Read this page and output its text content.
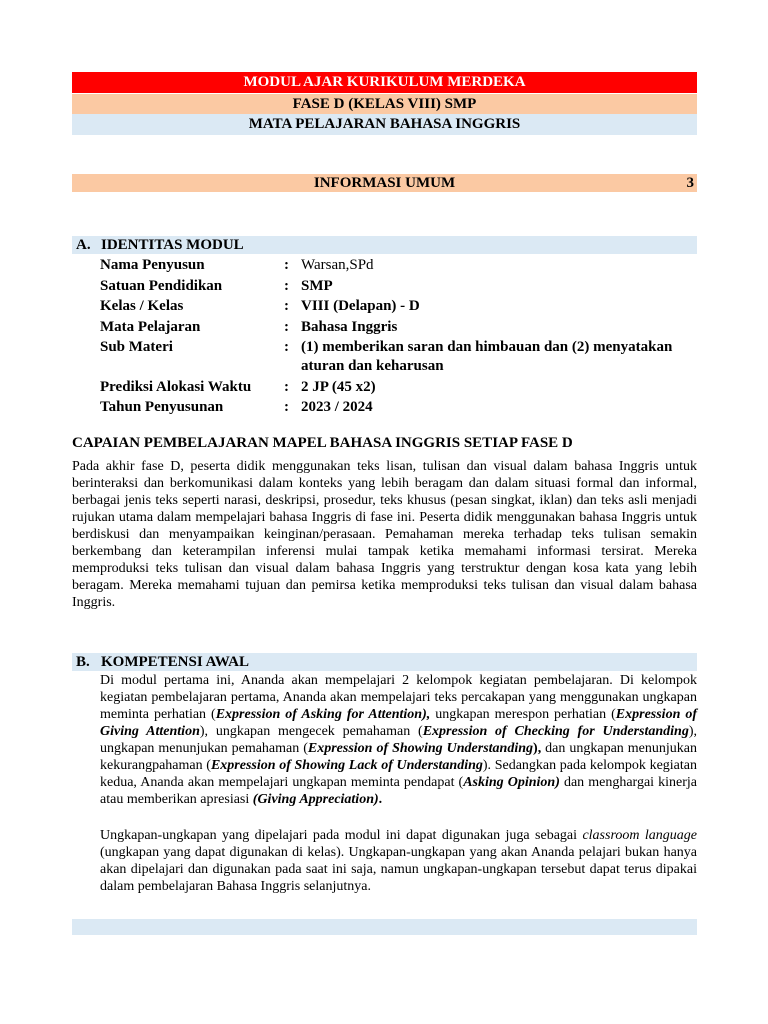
MODUL AJAR KURIKULUM MERDEKA
FASE D (KELAS VIII) SMP
MATA PELAJARAN BAHASA INGGRIS
INFORMASI UMUM	3
A. IDENTITAS MODUL
Nama Penyusun	: Warsan,SPd
Satuan Pendidikan	: SMP
Kelas / Kelas	: VIII (Delapan) - D
Mata Pelajaran	: Bahasa Inggris
Sub Materi	: (1) memberikan saran dan himbauan dan (2) menyatakan aturan dan keharusan
Prediksi Alokasi Waktu	: 2 JP (45 x2)
Tahun Penyusunan	: 2023 / 2024
CAPAIAN PEMBELAJARAN MAPEL BAHASA INGGRIS SETIAP FASE D

Pada akhir fase D, peserta didik menggunakan teks lisan, tulisan dan visual dalam bahasa Inggris untuk berinteraksi dan berkomunikasi dalam konteks yang lebih beragam dan dalam situasi formal dan informal, berbagai jenis teks seperti narasi, deskripsi, prosedur, teks khusus (pesan singkat, iklan) dan teks asli menjadi rujukan utama dalam mempelajari bahasa Inggris di fase ini. Peserta didik menggunakan bahasa Inggris untuk berdiskusi dan menyampaikan keinginan/perasaan. Pemahaman mereka terhadap teks tulisan semakin berkembang dan keterampilan inferensi mulai tampak ketika memahami informasi tersirat. Mereka memproduksi teks tulisan dan visual dalam bahasa Inggris yang terstruktur dengan kosa kata yang lebih beragam. Mereka memahami tujuan dan pemirsa ketika memproduksi teks tulisan dan visual dalam bahasa Inggris.

B. KOMPETENSI AWAL

Di modul pertama ini, Ananda akan mempelajari 2 kelompok kegiatan pembelajaran. Di kelompok kegiatan pembelajaran pertama, Ananda akan mempelajari teks percakapan yang menggunakan ungkapan meminta perhatian (Expression of Asking for Attention), ungkapan merespon perhatian (Expression of Giving Attention), ungkapan mengecek pemahaman (Expression of Checking for Understanding), ungkapan menunjukan pemahaman (Expression of Showing Understanding), dan ungkapan menunjukan kekurangpahaman (Expression of Showing Lack of Understanding). Sedangkan pada kelompok kegiatan kedua, Ananda akan mempelajari ungkapan meminta pendapat (Asking Opinion) dan menghargai kinerja atau memberikan apresiasi (Giving Appreciation).

Ungkapan-ungkapan yang dipelajari pada modul ini dapat digunakan juga sebagai classroom language (ungkapan yang dapat digunakan di kelas). Ungkapan-ungkapan yang akan Ananda pelajari bukan hanya akan dipelajari dan digunakan pada saat ini saja, namun ungkapan-ungkapan tersebut dapat terus dipakai dalam pembelajaran Bahasa Inggris selanjutnya.
